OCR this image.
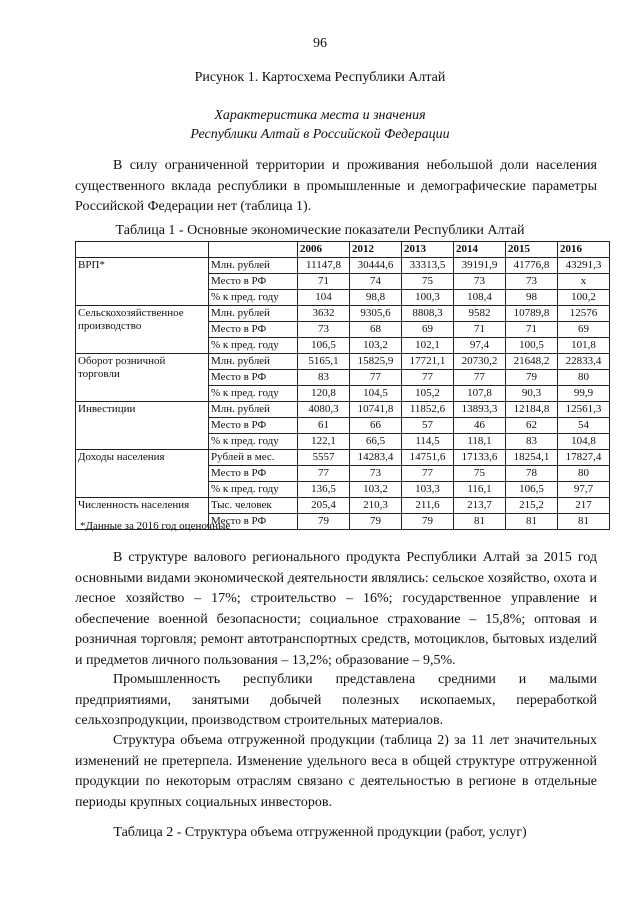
96
Рисунок 1. Картосхема Республики Алтай
Характеристика места и значения
Республики Алтай в Российской Федерации

В силу ограниченной территории и проживания небольшой доли населения существенного вклада республики в промышленные и демографические параметры Российской Федерации нет (таблица 1).

Таблица 1 - Основные экономические показатели Республики Алтай
		2006	2012	2013	2014	2015	2016
ВРП*	Млн. рублей	11147,8	30444,6	33313,5	39191,9	41776,8	43291,3
	Место в РФ	71	74	75	73	73	x
	% к пред. году	104	98,8	100,3	108,4	98	100,2
Сельскохозяйственное производство	Млн. рублей	3632	9305,6	8808,3	9582	10789,8	12576
	Место в РФ	73	68	69	71	71	69
	% к пред. году	106,5	103,2	102,1	97,4	100,5	101,8
Оборот розничной торговли	Млн. рублей	5165,1	15825,9	17721,1	20730,2	21648,2	22833,4
	Место в РФ	83	77	77	77	79	80
	% к пред. году	120,8	104,5	105,2	107,8	90,3	99,9
Инвестиции	Млн. рублей	4080,3	10741,8	11852,6	13893,3	12184,8	12561,3
	Место в РФ	61	66	57	46	62	54
	% к пред. году	122,1	66,5	114,5	118,1	83	104,8
Доходы населения	Рублей в мес.	5557	14283,4	14751,6	17133,6	18254,1	17827,4
	Место в РФ	77	73	77	75	78	80
	% к пред. году	136,5	103,2	103,3	116,1	106,5	97,7
Численность населения	Тыс. человек	205,4	210,3	211,6	213,7	215,2	217
	Место в РФ	79	79	79	81	81	81
*Данные за 2016 год оценочные

В структуре валового регионального продукта Республики Алтай за 2015 год основными видами экономической деятельности являлись: сельское хозяйство, охота и лесное хозяйство – 17%; строительство – 16%; государственное управление и обеспечение военной безопасности; социальное страхование – 15,8%; оптовая и розничная торговля; ремонт автотранспортных средств, мотоциклов, бытовых изделий и предметов личного пользования – 13,2%; образование – 9,5%.

Промышленность республики представлена средними и малыми предприятиями, занятыми добычей полезных ископаемых, переработкой сельхозпродукции, производством строительных материалов.

Структура объема отгруженной продукции (таблица 2) за 11 лет значительных изменений не претерпела. Изменение удельного веса в общей структуре отгруженной продукции по некоторым отраслям связано с деятельностью в регионе в отдельные периоды крупных социальных инвесторов.

Таблица 2 - Структура объема отгруженной продукции (работ, услуг)
